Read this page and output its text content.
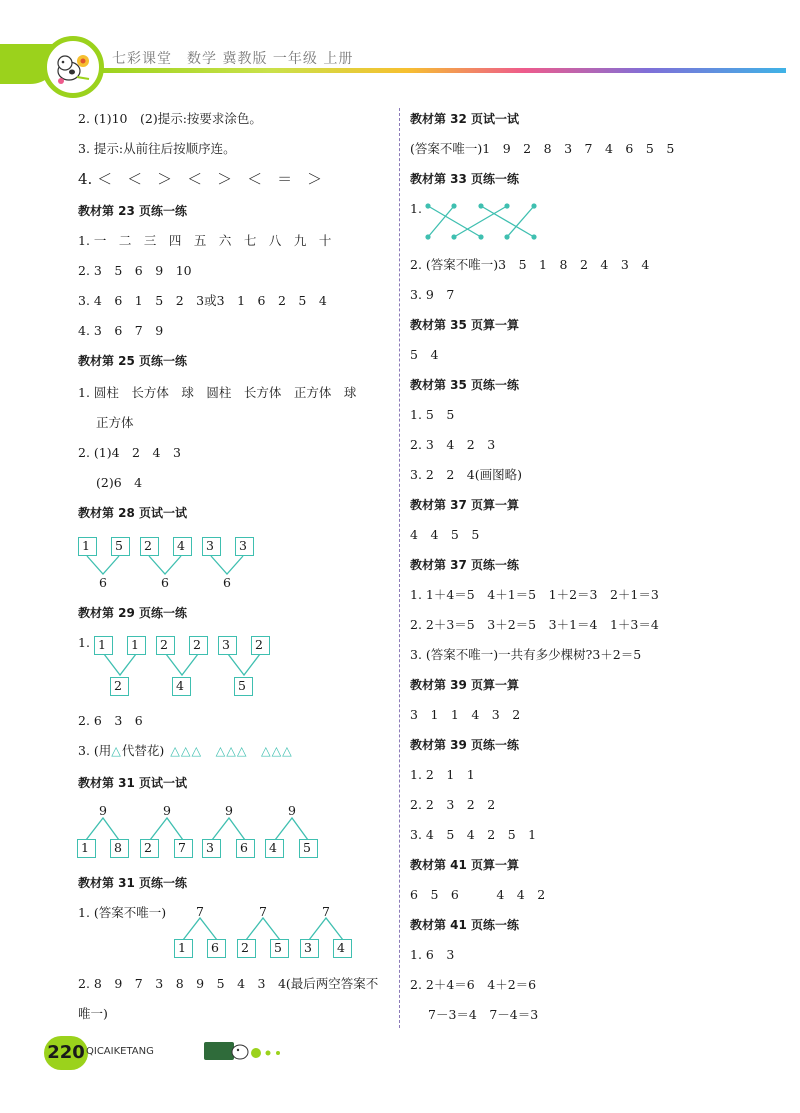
七彩课堂　数学 冀教版 一年级 上册
2. (1)10　(2)提示:按要求涂色。
3. 提示:从前往后按顺序连。
4. ＜　＜　＞　＜　＞　＜　＝　＞
教材第 23 页练一练
1. 一　二　三　四　五　六　七　八　九　十
2. 3　5　6　9　10
3. 4　6　1　5　2　3或3　1　6　2　5　4
4. 3　6　7　9
教材第 25 页练一练
1. 圆柱　长方体　球　圆柱　长方体　正方体　球
正方体
2. (1)4　2　4　3
(2)6　4
教材第 28 页试一试
1	5	2	4	3	3
6	6	6
教材第 29 页练一练
1. 1	1	2	2	3	2
2	4	5
2. 6　3　6
3. (用△代替花) △△△　△△△　△△△
教材第 31 页试一试
9	9	9	9
1	8	2	7	3	6	4	5
教材第 31 页练一练
1. (答案不唯一) 7	7	7
1	6	2	5	3	4
2. 8　9　7　3　8　9　5　4　3　4(最后两空答案不
唯一)
教材第 32 页试一试
(答案不唯一)1　9　2　8　3　7　4　6　5　5
教材第 33 页练一练
1.
2. (答案不唯一)3　5　1　8　2　4　3　4
3. 9　7
教材第 35 页算一算
5　4
教材第 35 页练一练
1. 5　5
2. 3　4　2　3
3. 2　2　4(画图略)
教材第 37 页算一算
4　4　5　5
教材第 37 页练一练
1. 1＋4＝5　4＋1＝5　1＋2＝3　2＋1＝3
2. 2＋3＝5　3＋2＝5　3＋1＝4　1＋3＝4
3. (答案不唯一)一共有多少棵树?3＋2＝5
教材第 39 页算一算
3　1　1　4　3　2
教材第 39 页练一练
1. 2　1　1
2. 2　3　2　2
3. 4　5　4　2　5　1
教材第 41 页算一算
6　5　6　　　4　4　2
教材第 41 页练一练
1. 6　3
2. 2＋4＝6　4＋2＝6
7－3＝4　7－4＝3
220 QICAIKETANG
